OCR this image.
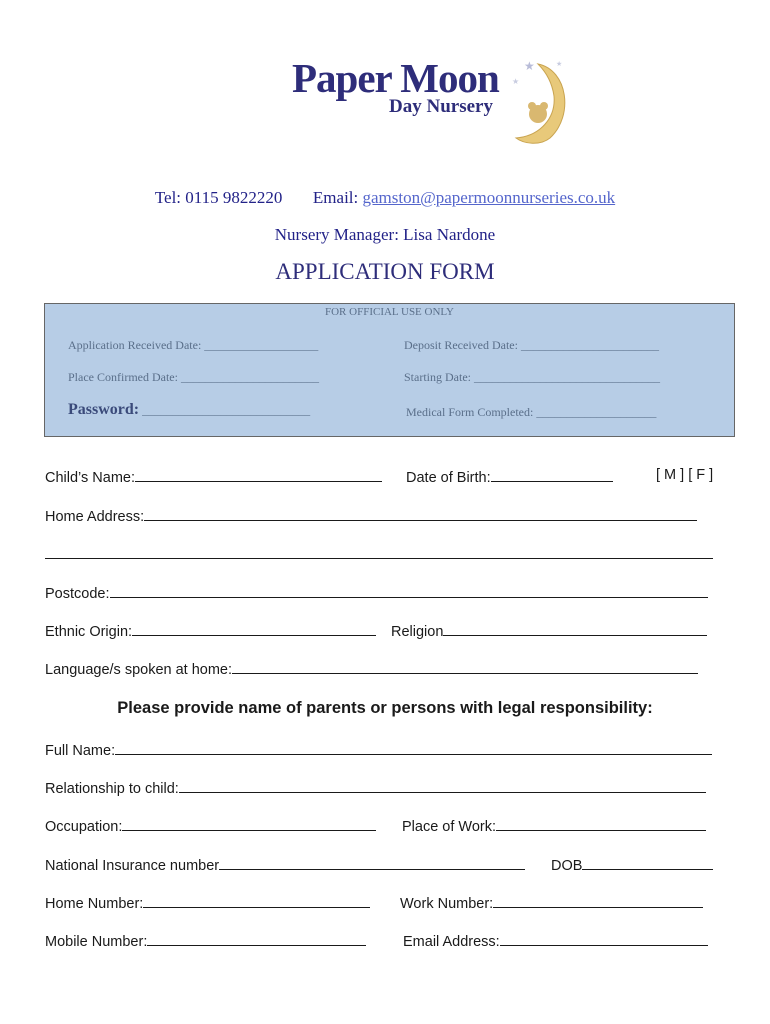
Paper Moon
Day Nursery
★
★
★
Tel: 0115 9822220 Email: gamston@papermoonnurseries.co.uk
Nursery Manager: Lisa Nardone
APPLICATION FORM
FOR OFFICIAL USE ONLY
Application Received Date: ___________________	Deposit Received Date: _______________________
Place Confirmed Date: _______________________	Starting Date: _______________________________
Password: ____________________________	Medical Form Completed: ____________________
Child’s Name:	Date of Birth:	[ M ] [ F ]
Home Address:
Postcode:
Ethnic Origin:	Religion
Language/s spoken at home:
Please provide name of parents or persons with legal responsibility:
Full Name:
Relationship to child:
Occupation:	Place of Work:
National Insurance number	DOB
Home Number:	Work Number:
Mobile Number:	Email Address:
